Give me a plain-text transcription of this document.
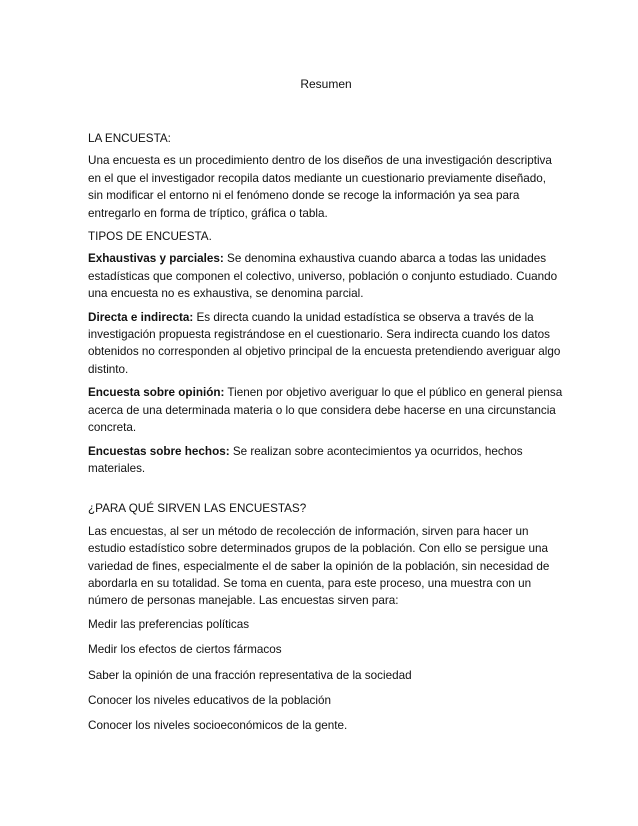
Resumen

LA ENCUESTA:

Una encuesta es un procedimiento dentro de los diseños de una investigación descriptiva en el que el investigador recopila datos mediante un cuestionario previamente diseñado, sin modificar el entorno ni el fenómeno donde se recoge la información ya sea para entregarlo en forma de tríptico, gráfica o tabla.

TIPOS DE ENCUESTA.

Exhaustivas y parciales: Se denomina exhaustiva cuando abarca a todas las unidades estadísticas que componen el colectivo, universo, población o conjunto estudiado. Cuando una encuesta no es exhaustiva, se denomina parcial.

Directa e indirecta: Es directa cuando la unidad estadística se observa a través de la investigación propuesta registrándose en el cuestionario. Sera indirecta cuando los datos obtenidos no corresponden al objetivo principal de la encuesta pretendiendo averiguar algo distinto.

Encuesta sobre opinión: Tienen por objetivo averiguar lo que el público en general piensa acerca de una determinada materia o lo que considera debe hacerse en una circunstancia concreta.

Encuestas sobre hechos: Se realizan sobre acontecimientos ya ocurridos, hechos materiales.

¿PARA QUÉ SIRVEN LAS ENCUESTAS?

Las encuestas, al ser un método de recolección de información, sirven para hacer un estudio estadístico sobre determinados grupos de la población. Con ello se persigue una variedad de fines, especialmente el de saber la opinión de la población, sin necesidad de abordarla en su totalidad. Se toma en cuenta, para este proceso, una muestra con un número de personas manejable. Las encuestas sirven para:

Medir las preferencias políticas

Medir los efectos de ciertos fármacos

Saber la opinión de una fracción representativa de la sociedad

Conocer los niveles educativos de la población

Conocer los niveles socioeconómicos de la gente.
